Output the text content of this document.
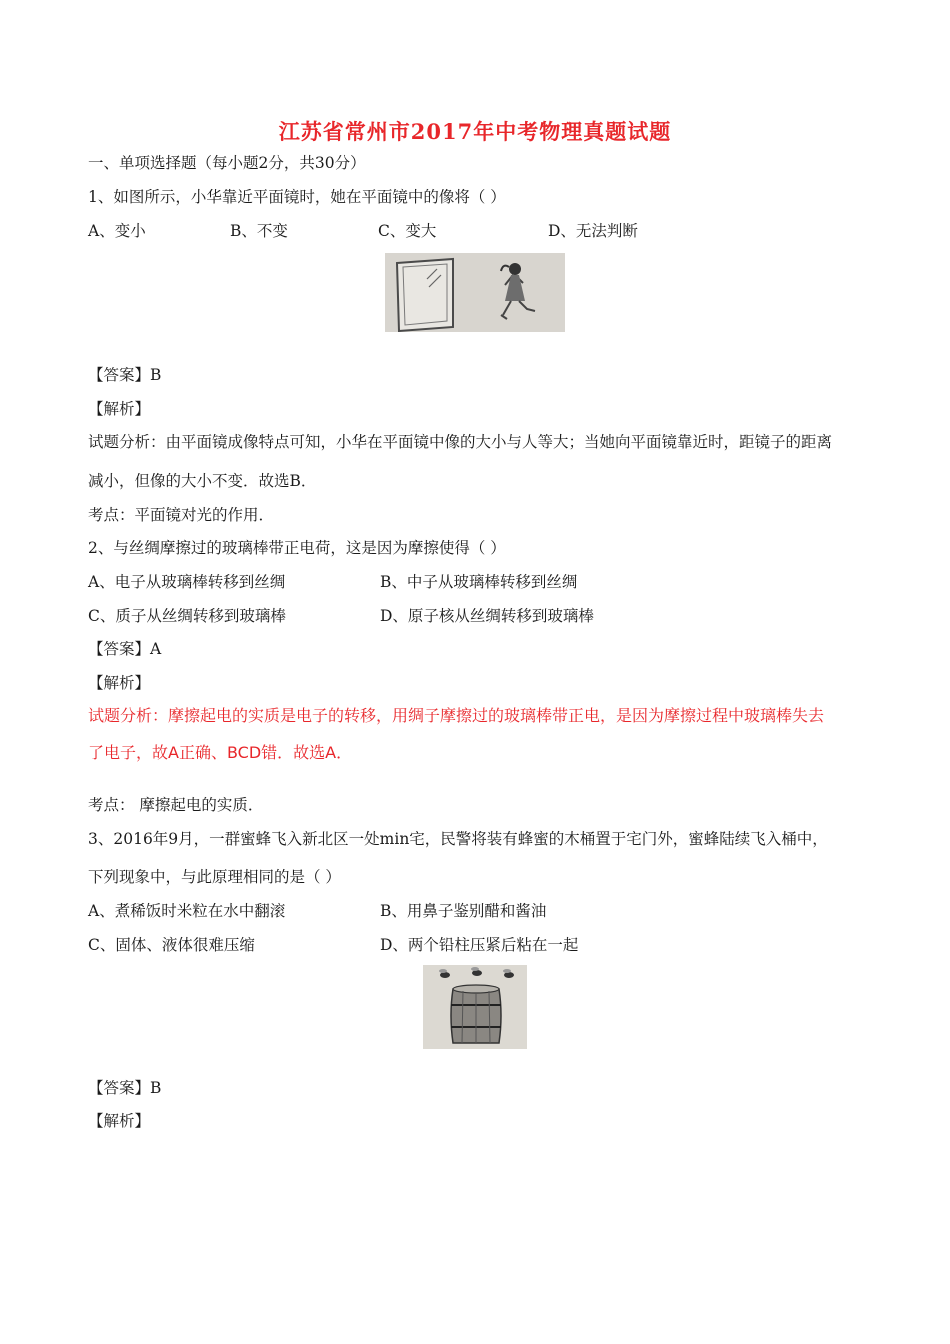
江苏省常州市2017年中考物理真题试题
一、单项选择题（每小题2分，共30分）
1、如图所示，小华靠近平面镜时，她在平面镜中的像将（ ）
A、变小	B、不变	C、变大	D、无法判断
【答案】B
【解析】
试题分析：由平面镜成像特点可知，小华在平面镜中像的大小与人等大；当她向平面镜靠近时，距镜子的距离
减小，但像的大小不变．故选B．
考点：平面镜对光的作用．
2、与丝绸摩擦过的玻璃棒带正电荷，这是因为摩擦使得（ ）
A、电子从玻璃棒转移到丝绸	B、中子从玻璃棒转移到丝绸
C、质子从丝绸转移到玻璃棒	D、原子核从丝绸转移到玻璃棒
【答案】A
【解析】
试题分析：摩擦起电的实质是电子的转移，用绸子摩擦过的玻璃棒带正电，是因为摩擦过程中玻璃棒失去
了电子，故A正确、BCD错．故选A．
考点： 摩擦起电的实质．
3、2016年9月，一群蜜蜂飞入新北区一处min宅，民警将装有蜂蜜的木桶置于宅门外，蜜蜂陆续飞入桶中，
下列现象中，与此原理相同的是（ ）
A、煮稀饭时米粒在水中翻滚	B、用鼻子鉴别醋和酱油
C、固体、液体很难压缩	D、两个铅柱压紧后粘在一起
【答案】B
【解析】
